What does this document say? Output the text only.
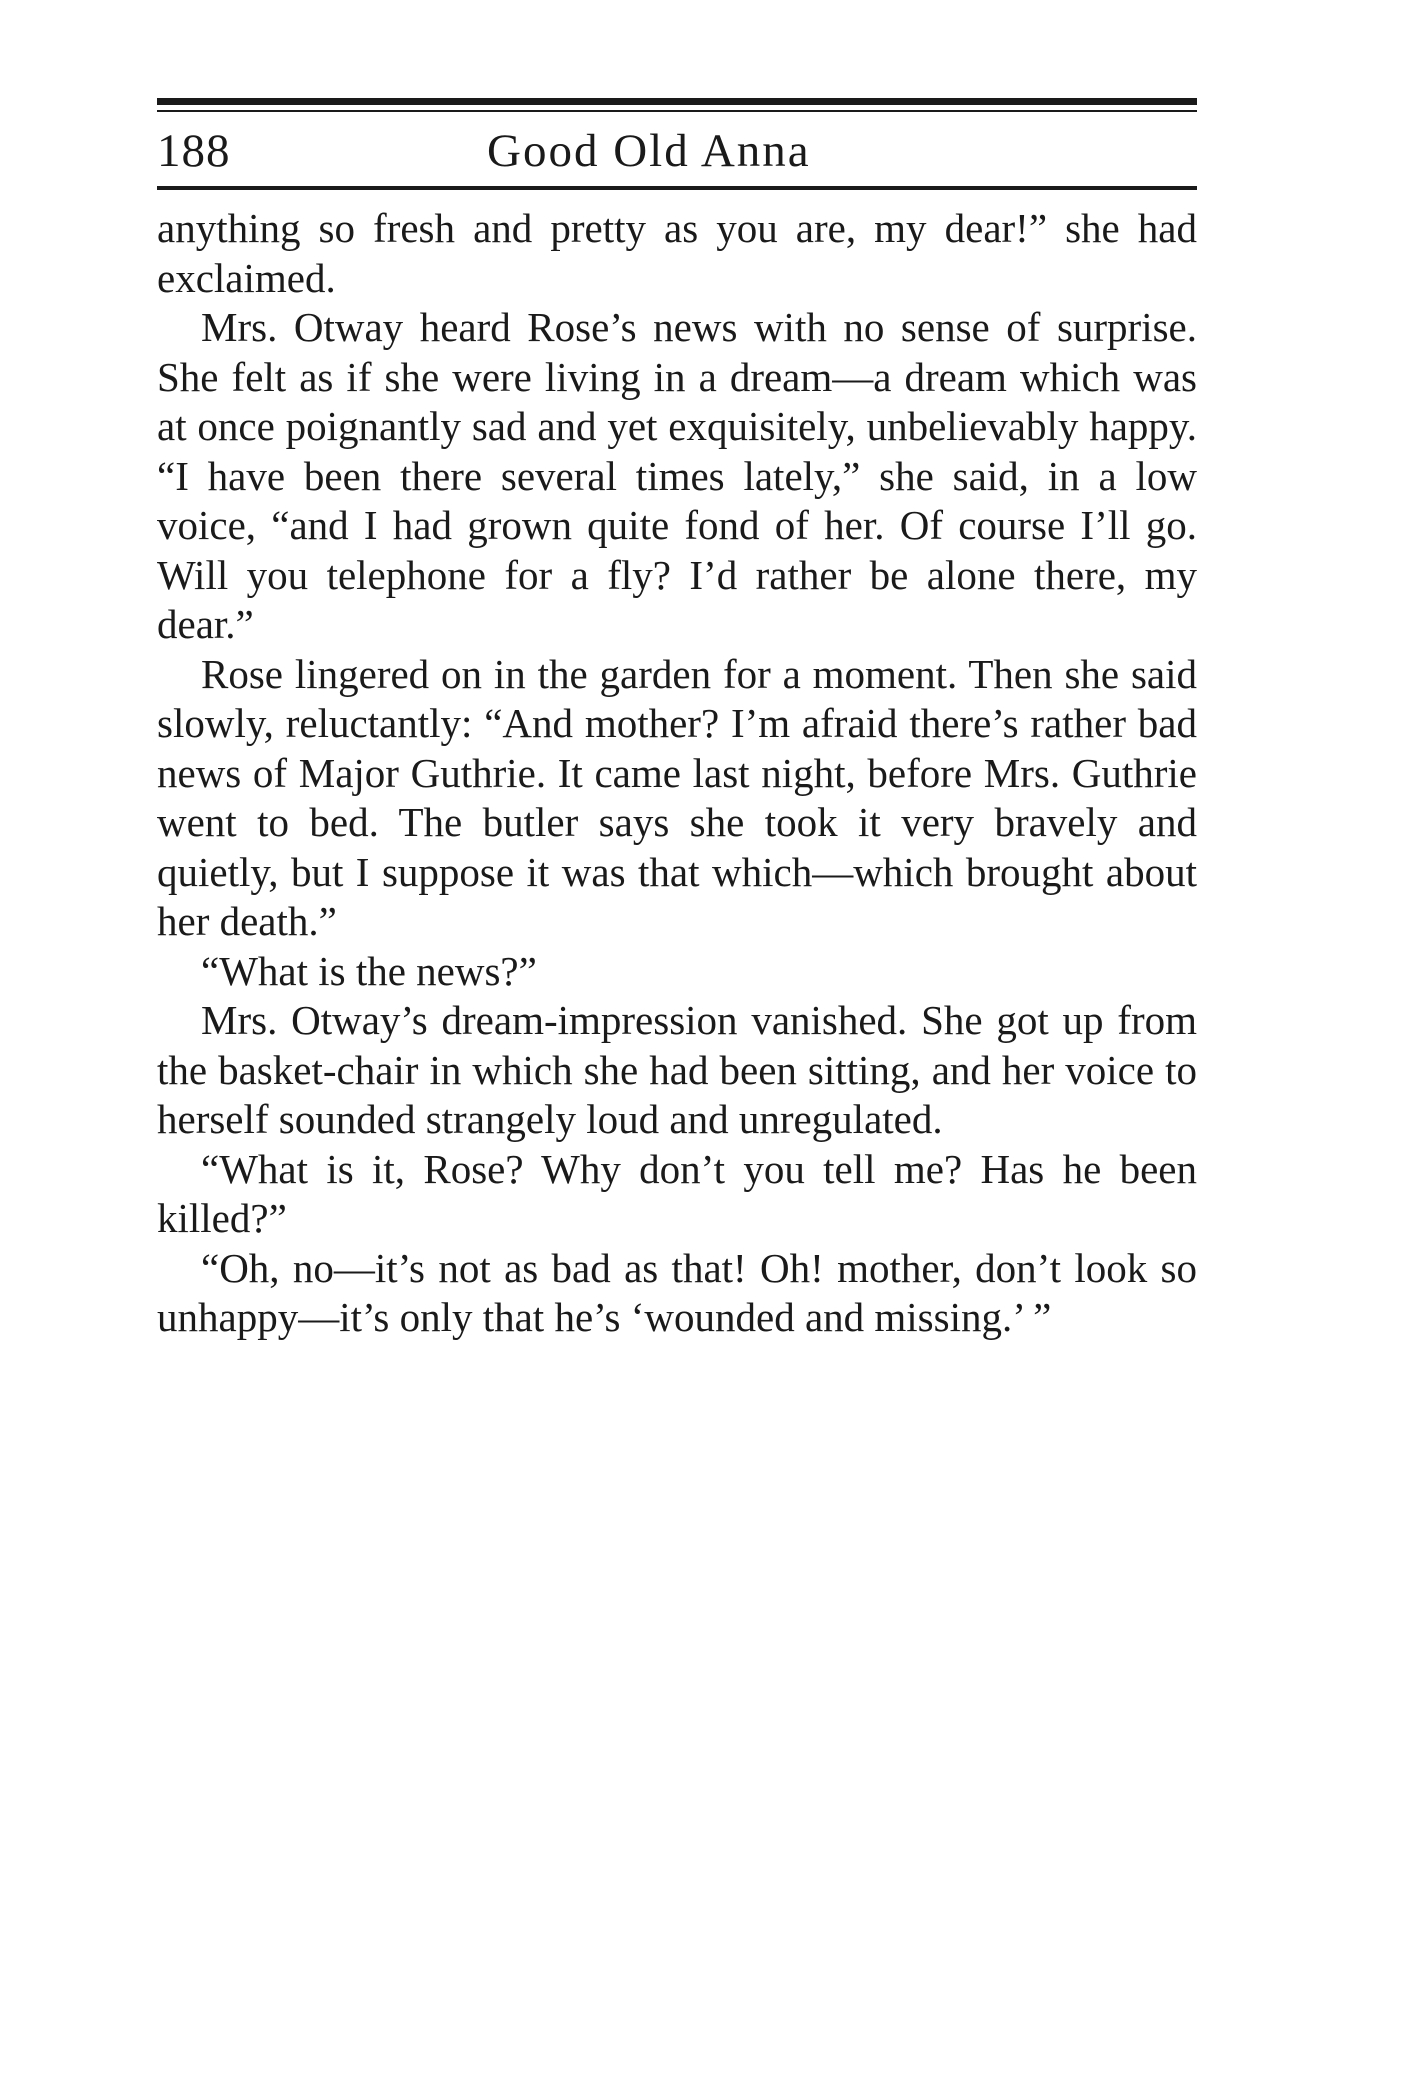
188	Good Old Anna

anything so fresh and pretty as you are, my dear!” she had exclaimed.

Mrs. Otway heard Rose’s news with no sense of surprise. She felt as if she were living in a dream—a dream which was at once poignantly sad and yet exquisitely, unbelievably happy. “I have been there several times lately,” she said, in a low voice, “and I had grown quite fond of her. Of course I’ll go. Will you telephone for a fly? I’d rather be alone there, my dear.”

Rose lingered on in the garden for a moment. Then she said slowly, reluctantly: “And mother? I’m afraid there’s rather bad news of Major Guthrie. It came last night, before Mrs. Guthrie went to bed. The butler says she took it very bravely and quietly, but I suppose it was that which—which brought about her death.”

“What is the news?”

Mrs. Otway’s dream-impression vanished. She got up from the basket-chair in which she had been sitting, and her voice to herself sounded strangely loud and unregulated.

“What is it, Rose? Why don’t you tell me? Has he been killed?”

“Oh, no—it’s not as bad as that! Oh! mother, don’t look so unhappy—it’s only that he’s ‘wounded and missing.’ ”
